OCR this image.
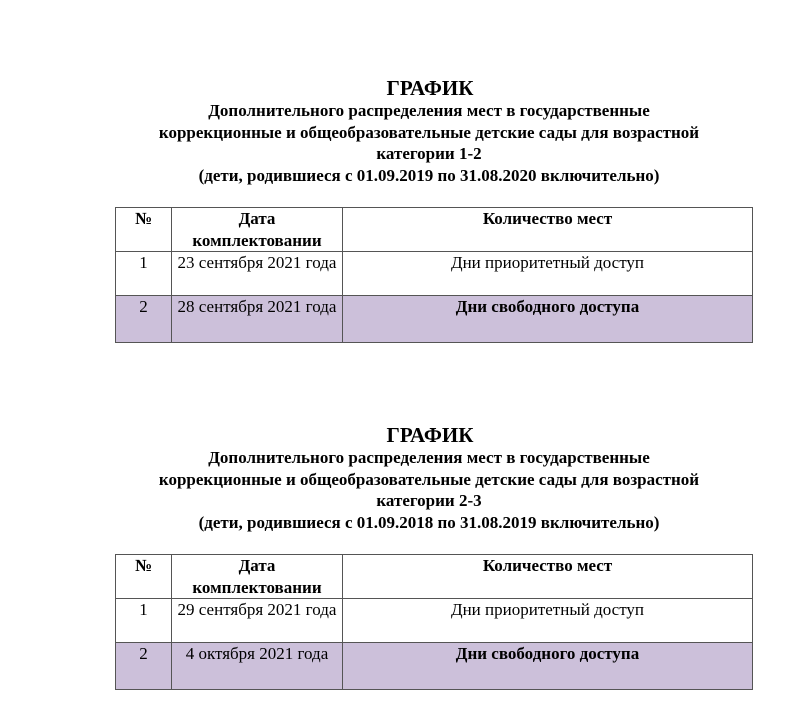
ГРАФИК

Дополнительного распределения мест в государственные
коррекционные и общеобразовательные детские сады для возрастной
категории 1-2
(дети, родившиеся с 01.09.2019 по 31.08.2020 включительно)
№	Дата комплектовании	Количество мест
1	23 сентября 2021 года	Дни приоритетный доступ
2	28 сентября 2021 года	Дни свободного доступа

ГРАФИК

Дополнительного распределения мест в государственные
коррекционные и общеобразовательные детские сады для возрастной
категории 2-3
(дети, родившиеся с 01.09.2018 по 31.08.2019 включительно)
№	Дата комплектовании	Количество мест
1	29 сентября 2021 года	Дни приоритетный доступ
2	4 октября 2021 года	Дни свободного доступа
